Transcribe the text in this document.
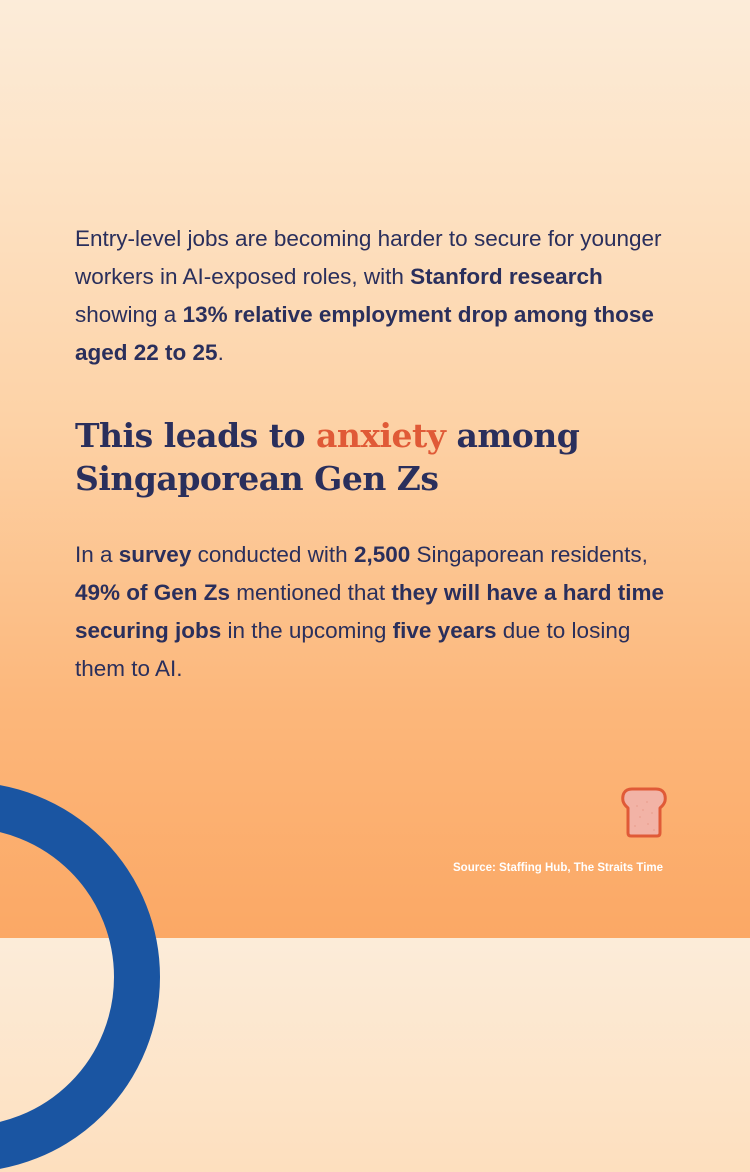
Entry-level jobs are becoming harder to secure for younger workers in AI-exposed roles, with Stanford research showing a 13% relative employment drop among those aged 22 to 25.

This leads to anxiety among Singaporean Gen Zs

In a survey conducted with 2,500 Singaporean residents, 49% of Gen Zs mentioned that they will have a hard time securing jobs in the upcoming five years due to losing them to AI.

Source: Staffing Hub, The Straits Time
